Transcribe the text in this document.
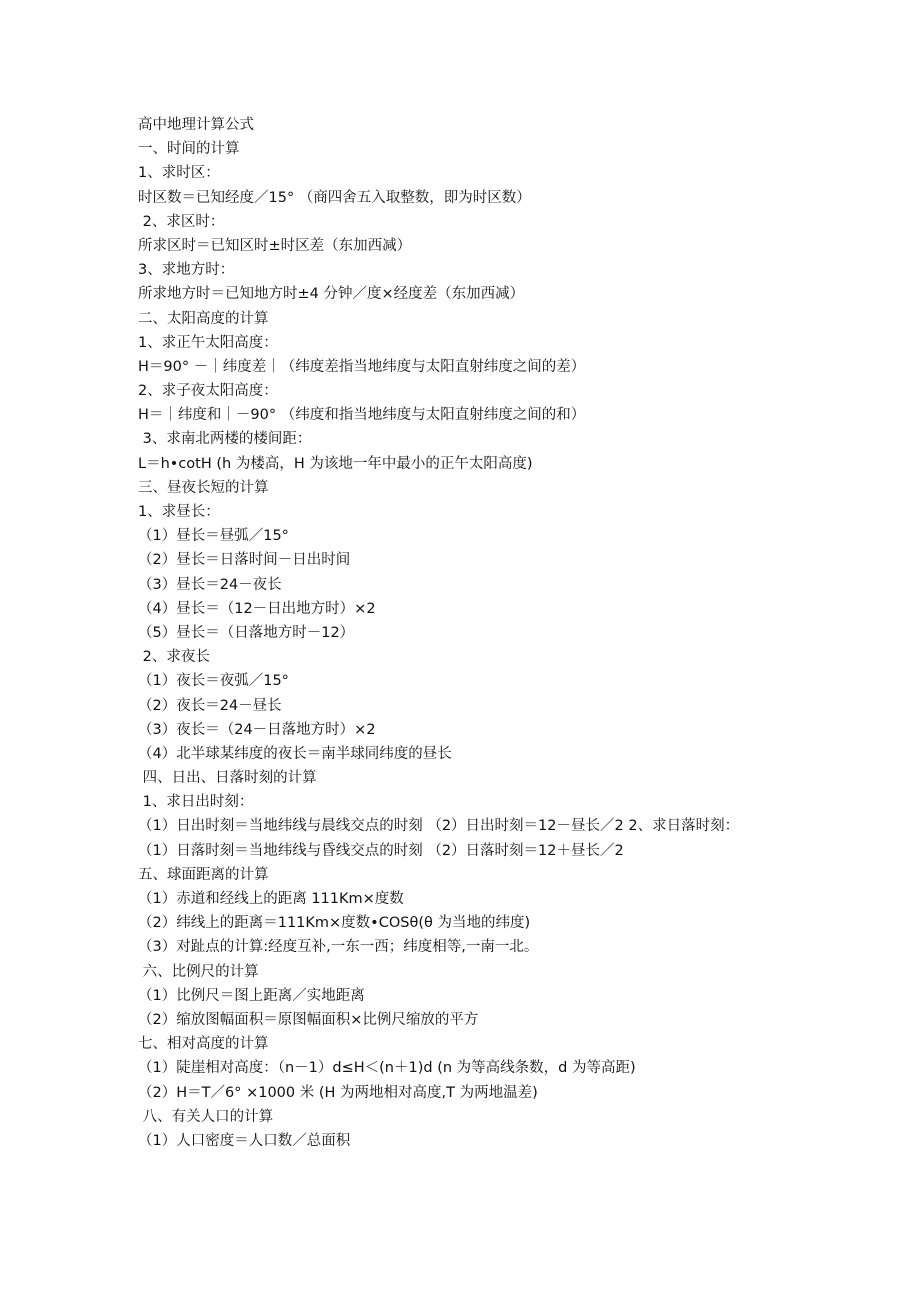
高中地理计算公式
一、时间的计算
1、求时区：
时区数＝已知经度／15° （商四舍五入取整数，即为时区数）
2、求区时：
所求区时＝已知区时±时区差（东加西减）
3、求地方时：
所求地方时＝已知地方时±4 分钟／度×经度差（东加西减）
二、太阳高度的计算
1、求正午太阳高度：
H＝90° －｜纬度差｜（纬度差指当地纬度与太阳直射纬度之间的差）
2、求子夜太阳高度：
H＝｜纬度和｜－90° （纬度和指当地纬度与太阳直射纬度之间的和）
3、求南北两楼的楼间距：
L＝h•cotH (h 为楼高，H 为该地一年中最小的正午太阳高度)
三、昼夜长短的计算
1、求昼长：
（1）昼长＝昼弧／15°
（2）昼长＝日落时间－日出时间
（3）昼长＝24－夜长
（4）昼长＝（12－日出地方时）×2
（5）昼长＝（日落地方时－12）
2、求夜长
（1）夜长＝夜弧／15°
（2）夜长＝24－昼长
（3）夜长＝（24－日落地方时）×2
（4）北半球某纬度的夜长＝南半球同纬度的昼长
四、日出、日落时刻的计算
1、求日出时刻：
（1）日出时刻＝当地纬线与晨线交点的时刻 （2）日出时刻＝12－昼长／2 2、求日落时刻：
（1）日落时刻＝当地纬线与昏线交点的时刻 （2）日落时刻＝12＋昼长／2
五、球面距离的计算
（1）赤道和经线上的距离 111Km×度数
（2）纬线上的距离＝111Km×度数•COSθ(θ 为当地的纬度)
（3）对趾点的计算:经度互补,一东一西；纬度相等,一南一北。
六、比例尺的计算
（1）比例尺＝图上距离／实地距离
（2）缩放图幅面积＝原图幅面积×比例尺缩放的平方
七、相对高度的计算
（1）陡崖相对高度：（n－1）d≤H＜(n＋1)d (n 为等高线条数，d 为等高距)
（2）H＝T／6° ×1000 米 (H 为两地相对高度,T 为两地温差)
八、有关人口的计算
（1）人口密度＝人口数／总面积
